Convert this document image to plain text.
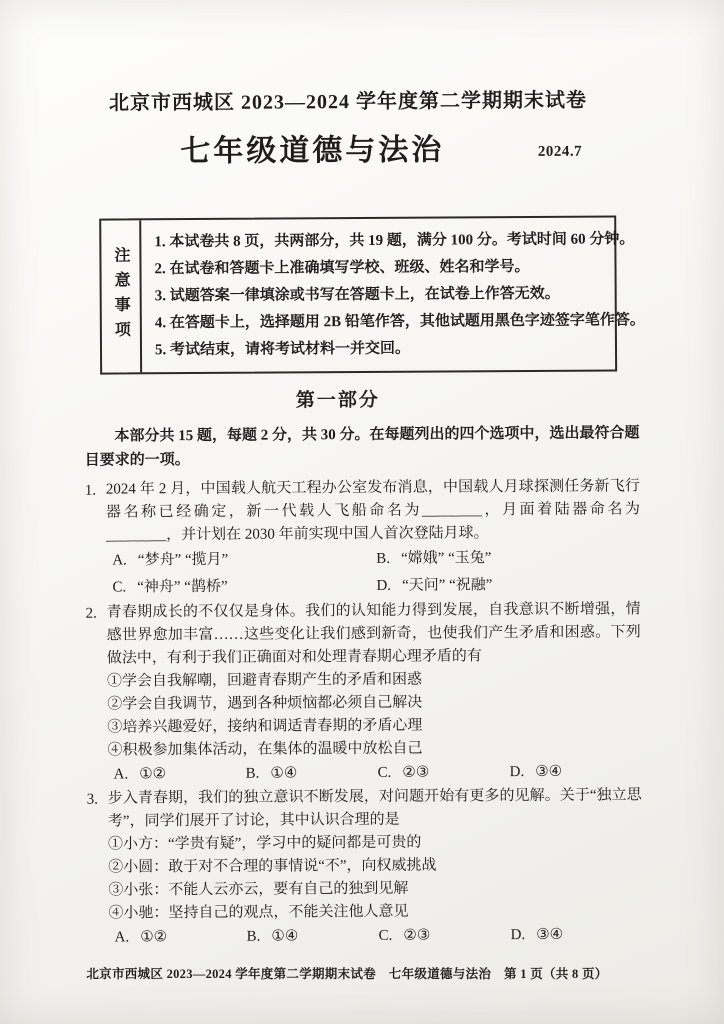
北京市西城区 2023—2024 学年度第二学期期末试卷
七年级道德与法治	2024.7
注意事项

1. 本试卷共 8 页，共两部分，共 19 题，满分 100 分。考试时间 60 分钟。

2. 在试卷和答题卡上准确填写学校、班级、姓名和学号。

3. 试题答案一律填涂或书写在答题卡上，在试卷上作答无效。

4. 在答题卡上，选择题用 2B 铅笔作答，其他试题用黑色字迹签字笔作答。

5. 考试结束，请将考试材料一并交回。

第一部分

本部分共 15 题，每题 2 分，共 30 分。在每题列出的四个选项中，选出最符合题目要求的一项。

1. 2024 年 2 月，中国载人航天工程办公室发布消息，中国载人月球探测任务新飞行器名称已经确定，新一代载人飞船命名为________，月面着陆器命名为________，并计划在 2030 年前实现中国人首次登陆月球。

A. “梦舟” “揽月”	B. “嫦娥” “玉兔”
C. “神舟” “鹊桥”	D. “天问” “祝融”
2. 青春期成长的不仅仅是身体。我们的认知能力得到发展，自我意识不断增强，情感世界愈加丰富……这些变化让我们感到新奇，也使我们产生矛盾和困惑。下列做法中，有利于我们正确面对和处理青春期心理矛盾的有

①学会自我解嘲，回避青春期产生的矛盾和困惑

②学会自我调节，遇到各种烦恼都必须自己解决

③培养兴趣爱好，接纳和调适青春期的矛盾心理

④积极参加集体活动，在集体的温暖中放松自己

A. ①②	B. ①④	C. ②③	D. ③④
3. 步入青春期，我们的独立意识不断发展，对问题开始有更多的见解。关于“独立思考”，同学们展开了讨论，其中认识合理的是

①小方：“学贵有疑”，学习中的疑问都是可贵的

②小圆：敢于对不合理的事情说“不”，向权威挑战

③小张：不能人云亦云，要有自己的独到见解

④小驰：坚持自己的观点，不能关注他人意见

A. ①②	B. ①④	C. ②③	D. ③④
北京市西城区 2023—2024 学年度第二学期期末试卷　七年级道德与法治　第 1 页（共 8 页）
